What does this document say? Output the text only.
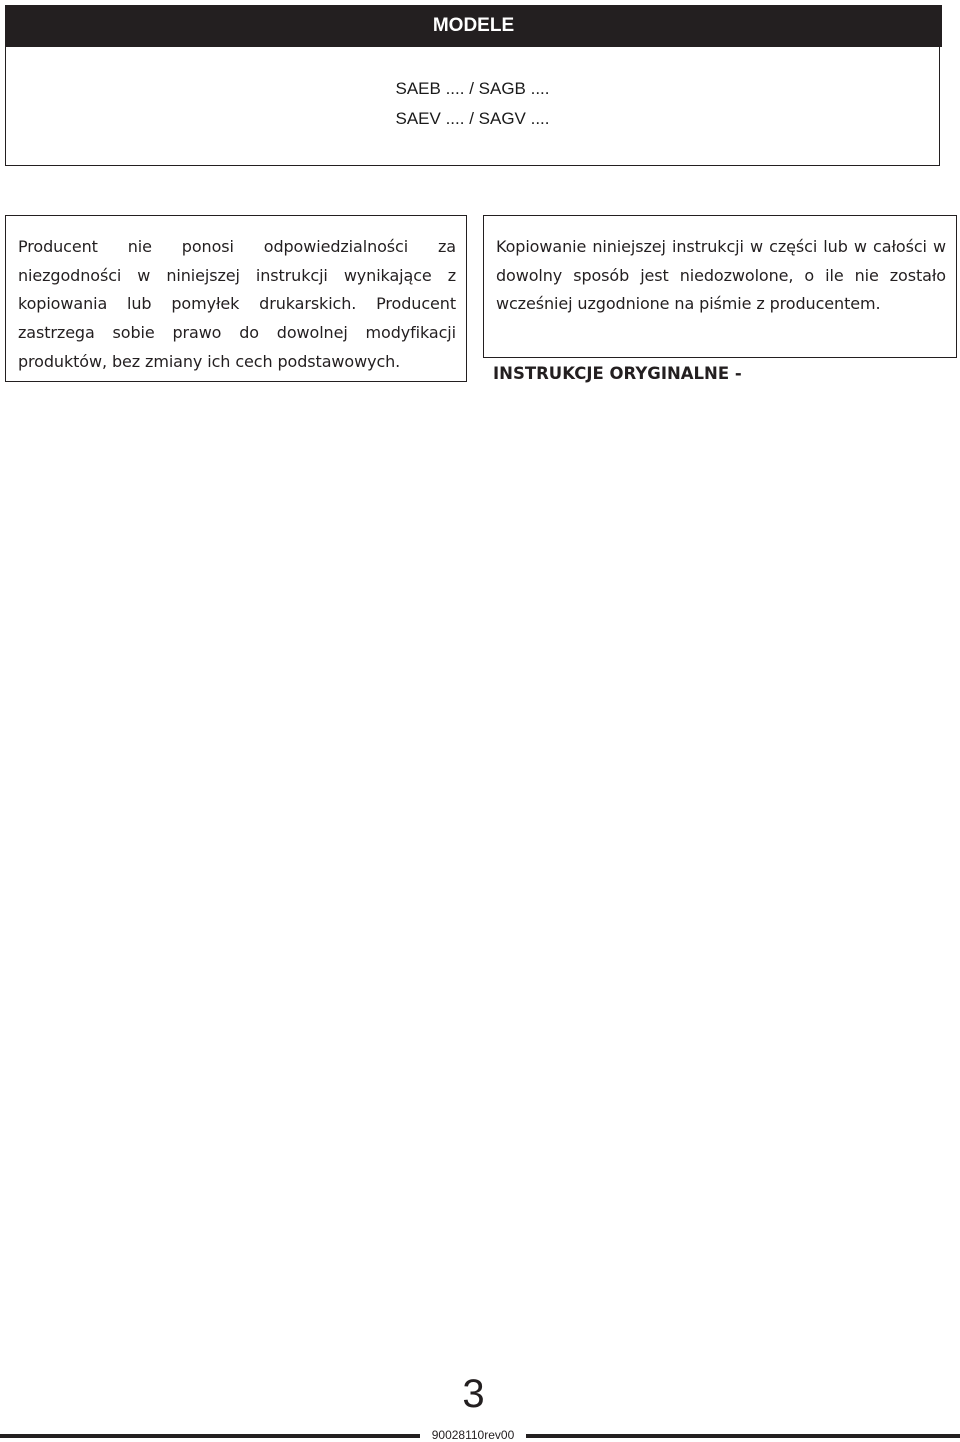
MODELE
SAEB .... / SAGB ....
SAEV .... / SAGV ....

Producent nie ponosi odpowiedzialności za niezgodności w niniejszej instrukcji wynikające z kopiowania lub pomyłek drukarskich. Producent zastrzega sobie prawo do dowolnej modyfikacji produktów, bez zmiany ich cech podstawowych.

Kopiowanie niniejszej instrukcji w części lub w całości w dowolny sposób jest niedozwolone, o ile nie zostało wcześniej uzgodnione na piśmie z producentem.

INSTRUKCJE ORYGINALNE -
3
90028110rev00
